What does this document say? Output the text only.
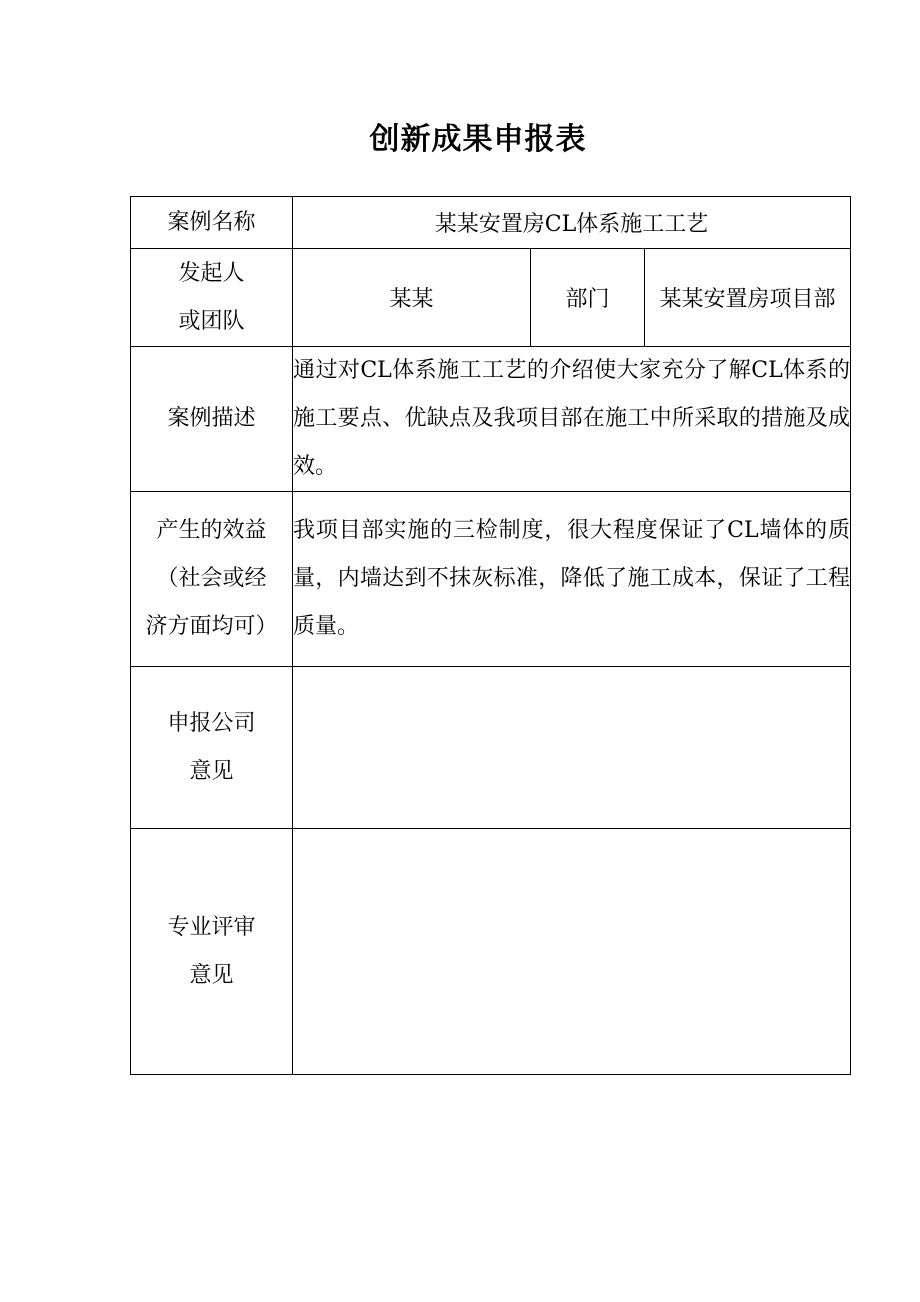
创新成果申报表
案例名称	某某安置房CL体系施工工艺		

发起人
或团队	某某	部门	某某安置房项目部
案例描述	通过对CL体系施工工艺的介绍使大家充分了解CL体系的施工要点、优缺点及我项目部在施工中所采取的措施及成效。		

产生的效益
（社会或经
济方面均可）	我项目部实施的三检制度，很大程度保证了CL墙体的质量，内墙达到不抹灰标准，降低了施工成本，保证了工程质量。		

申报公司
意见			

专业评审
意见			
